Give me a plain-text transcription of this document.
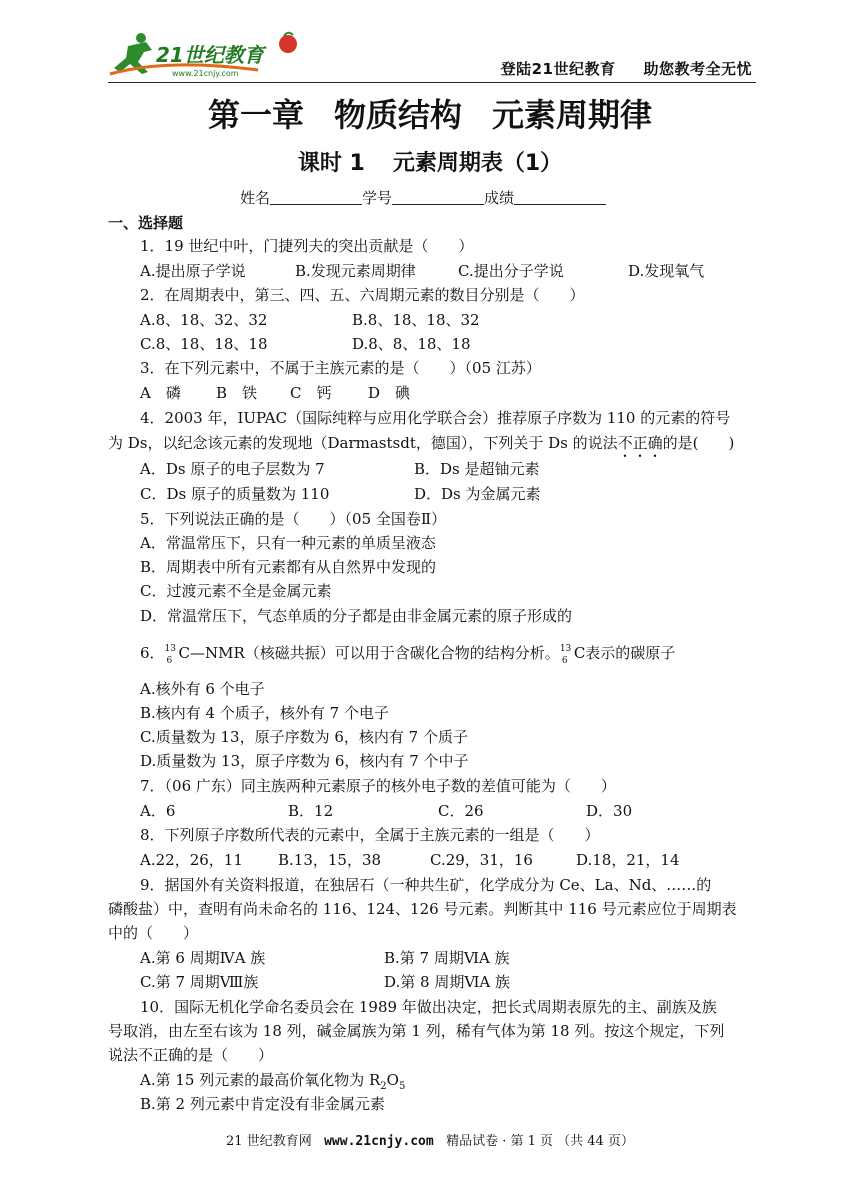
21世纪教育
www.21cnjy.com	登陆21世纪教育 助您教考全无忧
第一章 物质结构 元素周期律
课时 1 元素周期表（1）
姓名	学号	成绩
一、选择题
1．19 世纪中叶，门捷列夫的突出贡献是（　　）
A.提出原子学说	B.发现元素周期律	C.提出分子学说	D.发现氧气
2．在周期表中，第三、四、五、六周期元素的数目分别是（　　）
A.8、18、32、32	B.8、18、18、32
C.8、18、18、18	D.8、8、18、18
3．在下列元素中，不属于主族元素的是（　　）（05 江苏）
A　磷 B　铁 C　钙 D　碘
4．2003 年，IUPAC（国际纯粹与应用化学联合会）推荐原子序数为 110 的元素的符号
为 Ds，以纪念该元素的发现地（Darmastsdt，德国），下列关于 Ds 的说法不正确的是(　　)
A．Ds 原子的电子层数为 7	B．Ds 是超铀元素
C．Ds 原子的质量数为 110	D．Ds 为金属元素
5．下列说法正确的是（　　）（05 全国卷Ⅱ）
A．常温常压下，只有一种元素的单质呈液态
B．周期表中所有元素都有从自然界中发现的
C．过渡元素不全是金属元素
D．常温常压下，气态单质的分子都是由非金属元素的原子形成的
6． 13
6 C—NMR（核磁共振）可以用于含碳化合物的结构分析。 13
6 C表示的碳原子
A.核外有 6 个电子
B.核内有 4 个质子，核外有 7 个电子
C.质量数为 13，原子序数为 6，核内有 7 个质子
D.质量数为 13，原子序数为 6，核内有 7 个中子
7．（06 广东）同主族两种元素原子的核外电子数的差值可能为（　　）
A．6	B．12	C．26	D．30
8．下列原子序数所代表的元素中，全属于主族元素的一组是（　　）
A.22，26，11 B.13，15，38	C.29，31，16	D.18，21，14
9．据国外有关资料报道，在独居石（一种共生矿，化学成分为 Ce、La、Nd、……的
磷酸盐）中，查明有尚未命名的 116、124、126 号元素。判断其中 116 号元素应位于周期表
中的（　　）
A.第 6 周期ⅣA 族	B.第 7 周期ⅥA 族
C.第 7 周期Ⅷ族	D.第 8 周期ⅥA 族
10．国际无机化学命名委员会在 1989 年做出决定，把长式周期表原先的主、副族及族
号取消，由左至右该为 18 列，碱金属族为第 1 列，稀有气体为第 18 列。按这个规定，下列
说法不正确的是（　　）
A.第 15 列元素的最高价氧化物为 $R_2O_5$
B.第 2 列元素中肯定没有非金属元素
21 世纪教育网 www.21cnjy.com 精品试卷 · 第 1 页 （共 44 页）
